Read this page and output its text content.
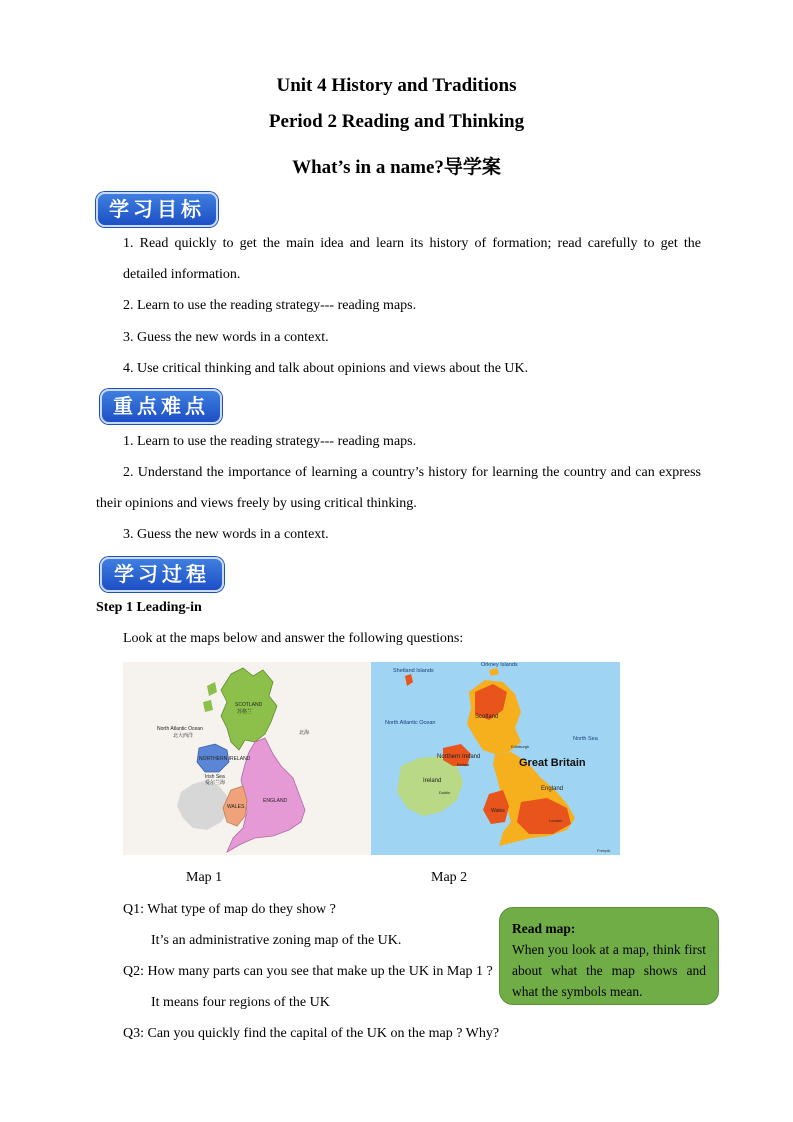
Unit 4 History and Traditions
Period 2 Reading and Thinking
What’s in a name?导学案
学习目标
1. Read quickly to get the main idea and learn its history of formation; read carefully to get the
detailed information.
2. Learn to use the reading strategy--- reading maps.
3. Guess the new words in a context.
4. Use critical thinking and talk about opinions and views about the UK.
重点难点
1. Learn to use the reading strategy--- reading maps.
2. Understand the importance of learning a country’s history for learning the country and can express
their opinions and views freely by using critical thinking.
3. Guess the new words in a context.
学习过程
Step 1 Leading-in
Look at the maps below and answer the following questions:
SCOTLAND
苏格兰
North Atlantic Ocean
北大西洋	北海
Irish Sea
爱尔兰海
NORTHERN IRELAND
WALES
ENGLAND
Shetland Islands
Orkney Islands
North Atlantic Ocean
North Sea
Scotland
Northern Ireland
Belfast
Ireland
Dublin
Edinburgh
England
Wales
London
Great Britain
Freepik
Map 1	Map 2
Q1: What type of map do they show ?
It’s an administrative zoning map of the UK.
Q2: How many parts can you see that make up the UK in Map 1 ?
It means four regions of the UK
Q3: Can you quickly find the capital of the UK on the map ? Why?
Read map:
When you look at a map, think first about what the map shows and what the symbols mean.
